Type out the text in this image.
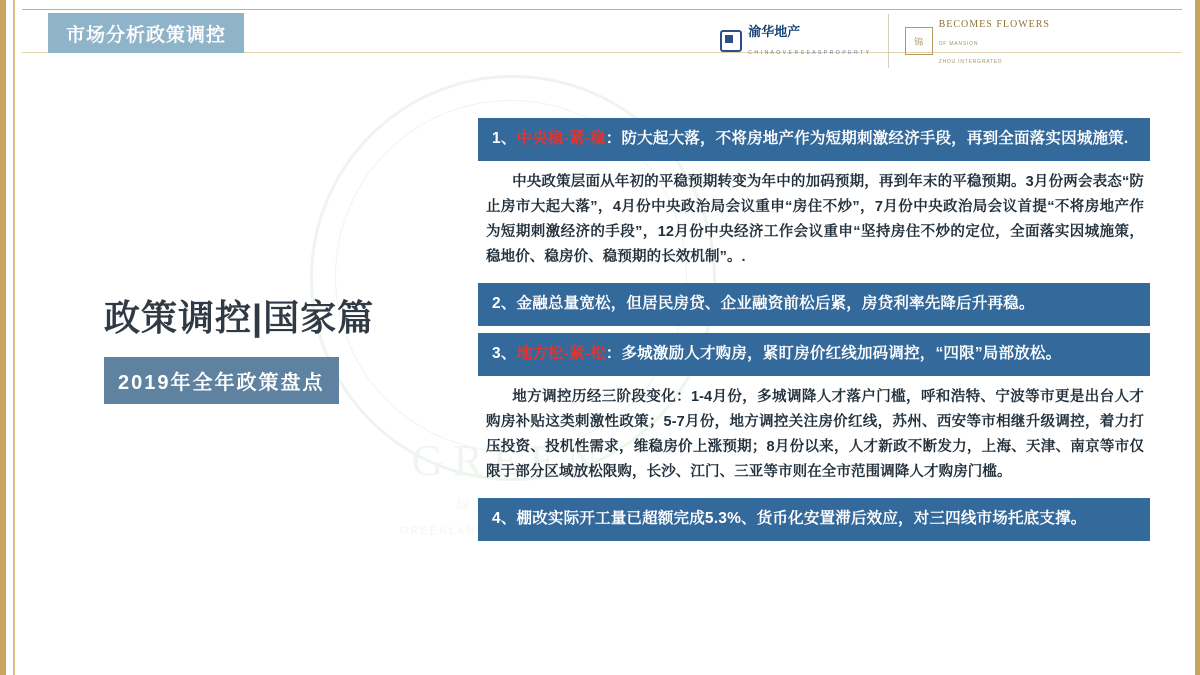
GREEN
GREENLAND
市场分析 政策调控	渝华地产
C H I N A O V E R S E A S P R O P E R T Y
锦
BECOMES FLOWERS
OF MANSION
ZHOU INTERGRATED
政策调控|国家篇
2019年全年政策盘点
1、中央稳-紧-稳：防大起大落，不将房地产作为短期刺激经济手段，再到全面落实因城施策.
中央政策层面从年初的平稳预期转变为年中的加码预期，再到年末的平稳预期。3月份两会表态“防止房市大起大落”，4月份中央政治局会议重申“房住不炒”，7月份中央政治局会议首提“不将房地产作为短期刺激经济的手段”，12月份中央经济工作会议重申“坚持房住不炒的定位，全面落实因城施策，稳地价、稳房价、稳预期的长效机制”。.
2、金融总量宽松，但居民房贷、企业融资前松后紧，房贷利率先降后升再稳。
3、地方松-紧-松：多城激励人才购房，紧盯房价红线加码调控，“四限”局部放松。
地方调控历经三阶段变化：1-4月份，多城调降人才落户门槛，呼和浩特、宁波等市更是出台人才购房补贴这类刺激性政策；5-7月份，地方调控关注房价红线，苏州、西安等市相继升级调控，着力打压投资、投机性需求，维稳房价上涨预期；8月份以来，人才新政不断发力，上海、天津、南京等市仅限于部分区域放松限购，长沙、江门、三亚等市则在全市范围调降人才购房门槛。
4、棚改实际开工量已超额完成5.3%、货币化安置滞后效应，对三四线市场托底支撑。
